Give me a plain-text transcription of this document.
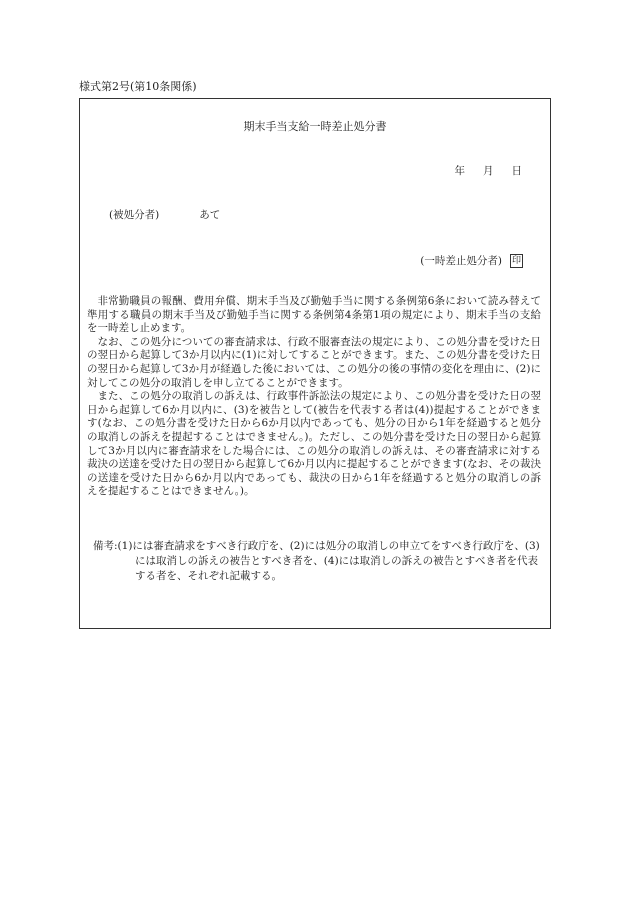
様式第2号(第10条関係)
期末手当支給一時差止処分書
年 月 日
(被処分者)	あて
(一時差止処分者) 印

非常勤職員の報酬、費用弁償、期末手当及び勤勉手当に関する条例第6条において読み替えて準用する職員の期末手当及び勤勉手当に関する条例第4条第1項の規定により、期末手当の支給を一時差し止めます。

なお、この処分についての審査請求は、行政不服審査法の規定により、この処分書を受けた日の翌日から起算して3か月以内に(1)に対してすることができます。また、この処分書を受けた日の翌日から起算して3か月が経過した後においては、この処分の後の事情の変化を理由に、(2)に対してこの処分の取消しを申し立てることができます。

また、この処分の取消しの訴えは、行政事件訴訟法の規定により、この処分書を受けた日の翌日から起算して6か月以内に、(3)を被告として(被告を代表する者は(4))提起することができます(なお、この処分書を受けた日から6か月以内であっても、処分の日から1年を経過すると処分の取消しの訴えを提起することはできません。)。ただし、この処分書を受けた日の翌日から起算して3か月以内に審査請求をした場合には、この処分の取消しの訴えは、その審査請求に対する裁決の送達を受けた日の翌日から起算して6か月以内に提起することができます(なお、その裁決の送達を受けた日から6か月以内であっても、裁決の日から1年を経過すると処分の取消しの訴えを提起することはできません。)。

備考:(1)には審査請求をすべき行政庁を、(2)には処分の取消しの申立てをすべき行政庁を、(3)には取消しの訴えの被告とすべき者を、(4)には取消しの訴えの被告とすべき者を代表する者を、それぞれ記載する。
